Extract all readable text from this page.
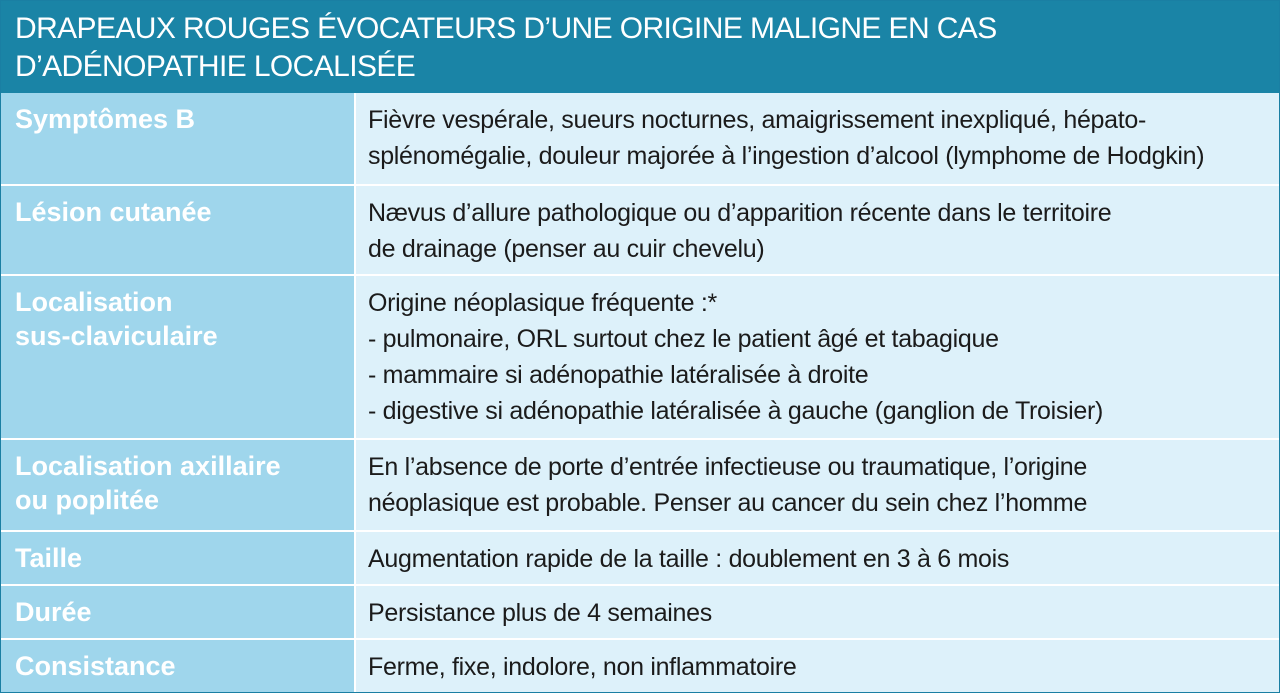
DRAPEAUX ROUGES ÉVOCATEURS D’UNE ORIGINE MALIGNE EN CAS
D’ADÉNOPATHIE LOCALISÉE
Symptômes B	Fièvre vespérale, sueurs nocturnes, amaigrissement inexpliqué, hépato-
splénomégalie, douleur majorée à l’ingestion d’alcool (lymphome de Hodgkin)

Lésion cutanée	Nævus d’allure pathologique ou d’apparition récente dans le territoire
de drainage (penser au cuir chevelu)

Localisation
sus-claviculaire	Origine néoplasique fréquente :*
- pulmonaire, ORL surtout chez le patient âgé et tabagique
- mammaire si adénopathie latéralisée à droite
- digestive si adénopathie latéralisée à gauche (ganglion de Troisier)

Localisation axillaire
ou poplitée	En l’absence de porte d’entrée infectieuse ou traumatique, l’origine
néoplasique est probable. Penser au cancer du sein chez l’homme

Taille	Augmentation rapide de la taille : doublement en 3 à 6 mois

Durée	Persistance plus de 4 semaines

Consistance	Ferme, fixe, indolore, non inflammatoire
